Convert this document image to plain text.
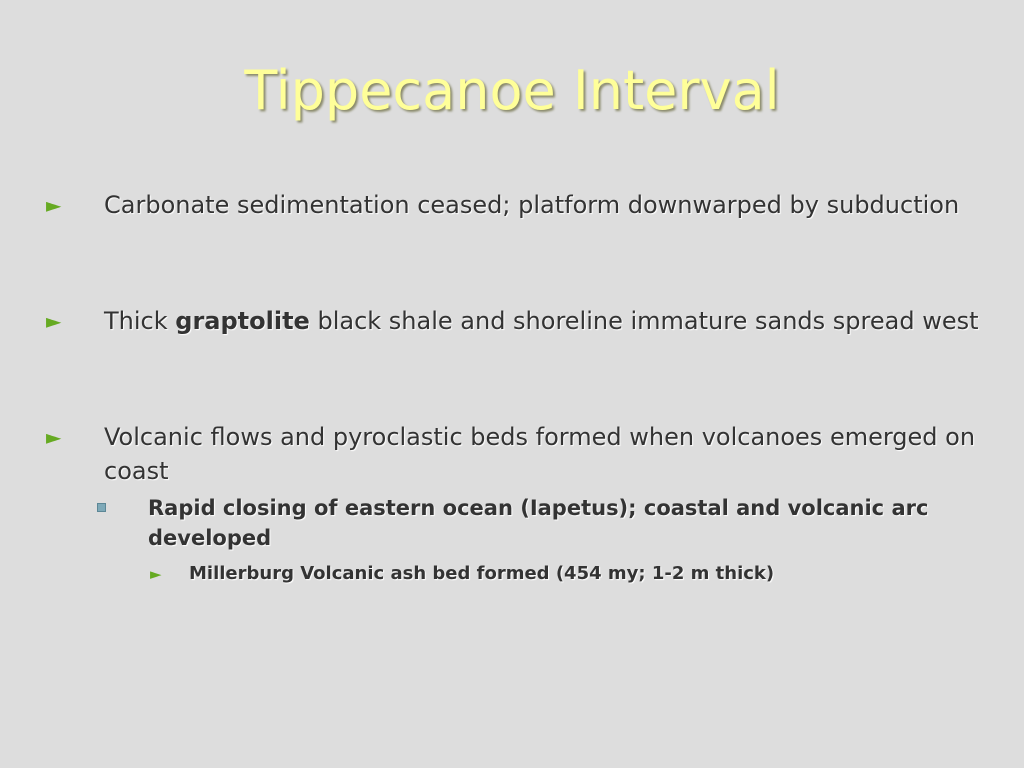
Tippecanoe Interval
► Carbonate sedimentation ceased; platform downwarped by subduction
► Thick graptolite black shale and shoreline immature sands spread west
► Volcanic flows and pyroclastic beds formed when volcanoes emerged on coast
Rapid closing of eastern ocean (Iapetus); coastal and volcanic arc developed
► Millerburg Volcanic ash bed formed (454 my; 1-2 m thick)
